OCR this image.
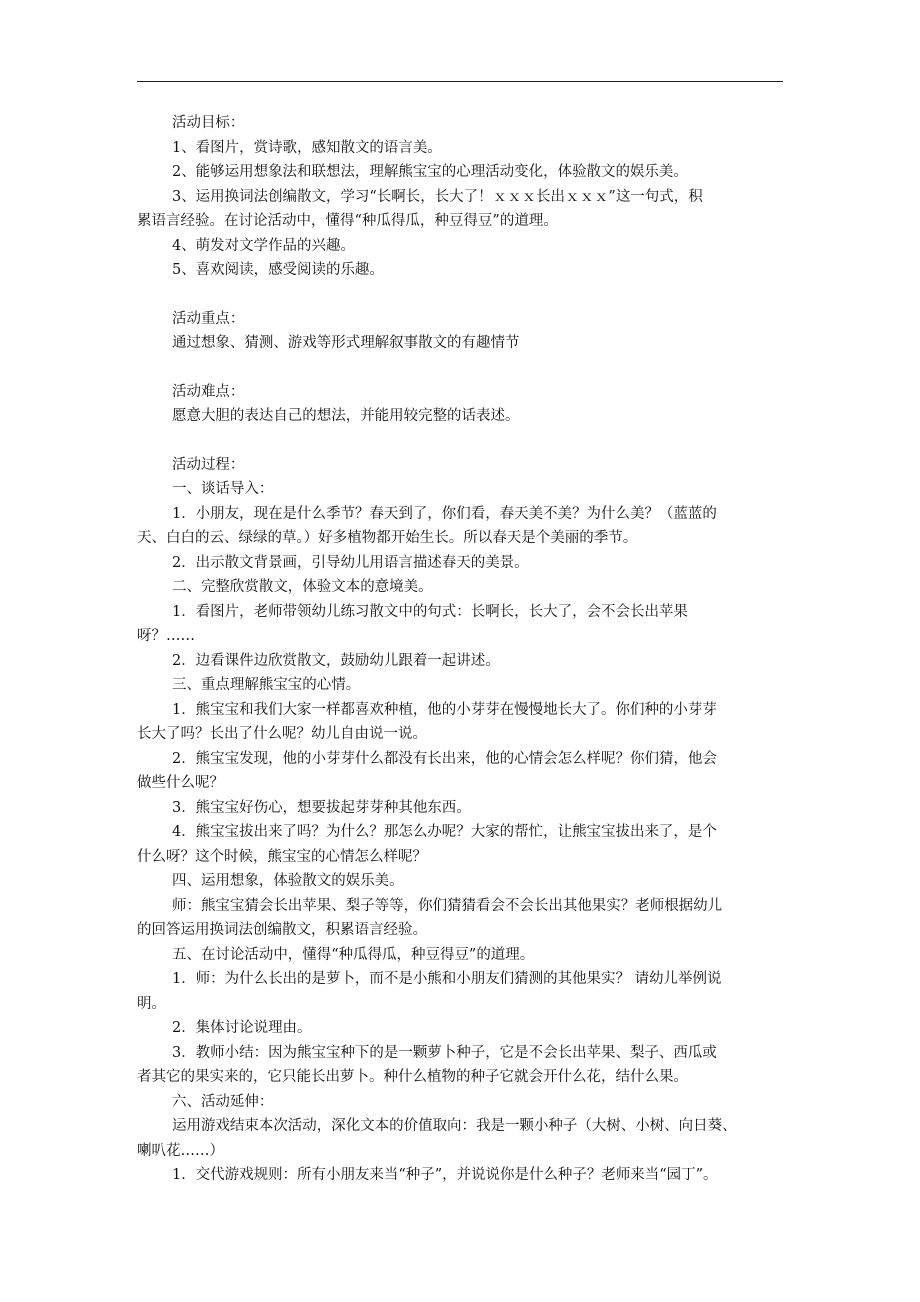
活动目标：
1、看图片，赏诗歌，感知散文的语言美。
2、能够运用想象法和联想法，理解熊宝宝的心理活动变化，体验散文的娱乐美。
3、运用换词法创编散文，学习“长啊长，长大了！ｘｘｘ长出ｘｘｘ”这一句式，积
累语言经验。在讨论活动中，懂得“种瓜得瓜，种豆得豆”的道理。
4、萌发对文学作品的兴趣。
5、喜欢阅读，感受阅读的乐趣。
活动重点：
通过想象、猜测、游戏等形式理解叙事散文的有趣情节
活动难点：
愿意大胆的表达自己的想法，并能用较完整的话表述。
活动过程：
一、谈话导入：
1．小朋友，现在是什么季节？春天到了，你们看，春天美不美？为什么美？（蓝蓝的
天、白白的云、绿绿的草。）好多植物都开始生长。所以春天是个美丽的季节。
2．出示散文背景画，引导幼儿用语言描述春天的美景。
二、完整欣赏散文，体验文本的意境美。
1．看图片，老师带领幼儿练习散文中的句式：长啊长，长大了，会不会长出苹果
呀？……
2．边看课件边欣赏散文，鼓励幼儿跟着一起讲述。
三、重点理解熊宝宝的心情。
1．熊宝宝和我们大家一样都喜欢种植，他的小芽芽在慢慢地长大了。你们种的小芽芽
长大了吗？长出了什么呢？幼儿自由说一说。
2．熊宝宝发现，他的小芽芽什么都没有长出来，他的心情会怎么样呢？你们猜，他会
做些什么呢？
3．熊宝宝好伤心，想要拔起芽芽种其他东西。
4．熊宝宝拔出来了吗？为什么？那怎么办呢？大家的帮忙，让熊宝宝拔出来了，是个
什么呀？这个时候，熊宝宝的心情怎么样呢？
四、运用想象，体验散文的娱乐美。
师：熊宝宝猜会长出苹果、梨子等等，你们猜猜看会不会长出其他果实？老师根据幼儿
的回答运用换词法创编散文，积累语言经验。
五、在讨论活动中，懂得“种瓜得瓜，种豆得豆”的道理。
1．师：为什么长出的是萝卜，而不是小熊和小朋友们猜测的其他果实？ 请幼儿举例说
明。
2．集体讨论说理由。
3．教师小结：因为熊宝宝种下的是一颗萝卜种子，它是不会长出苹果、梨子、西瓜或
者其它的果实来的，它只能长出萝卜。种什么植物的种子它就会开什么花，结什么果。
六、活动延伸：
运用游戏结束本次活动，深化文本的价值取向：我是一颗小种子（大树、小树、向日葵、
喇叭花……）
1．交代游戏规则：所有小朋友来当“种子”，并说说你是什么种子？老师来当“园丁”。
